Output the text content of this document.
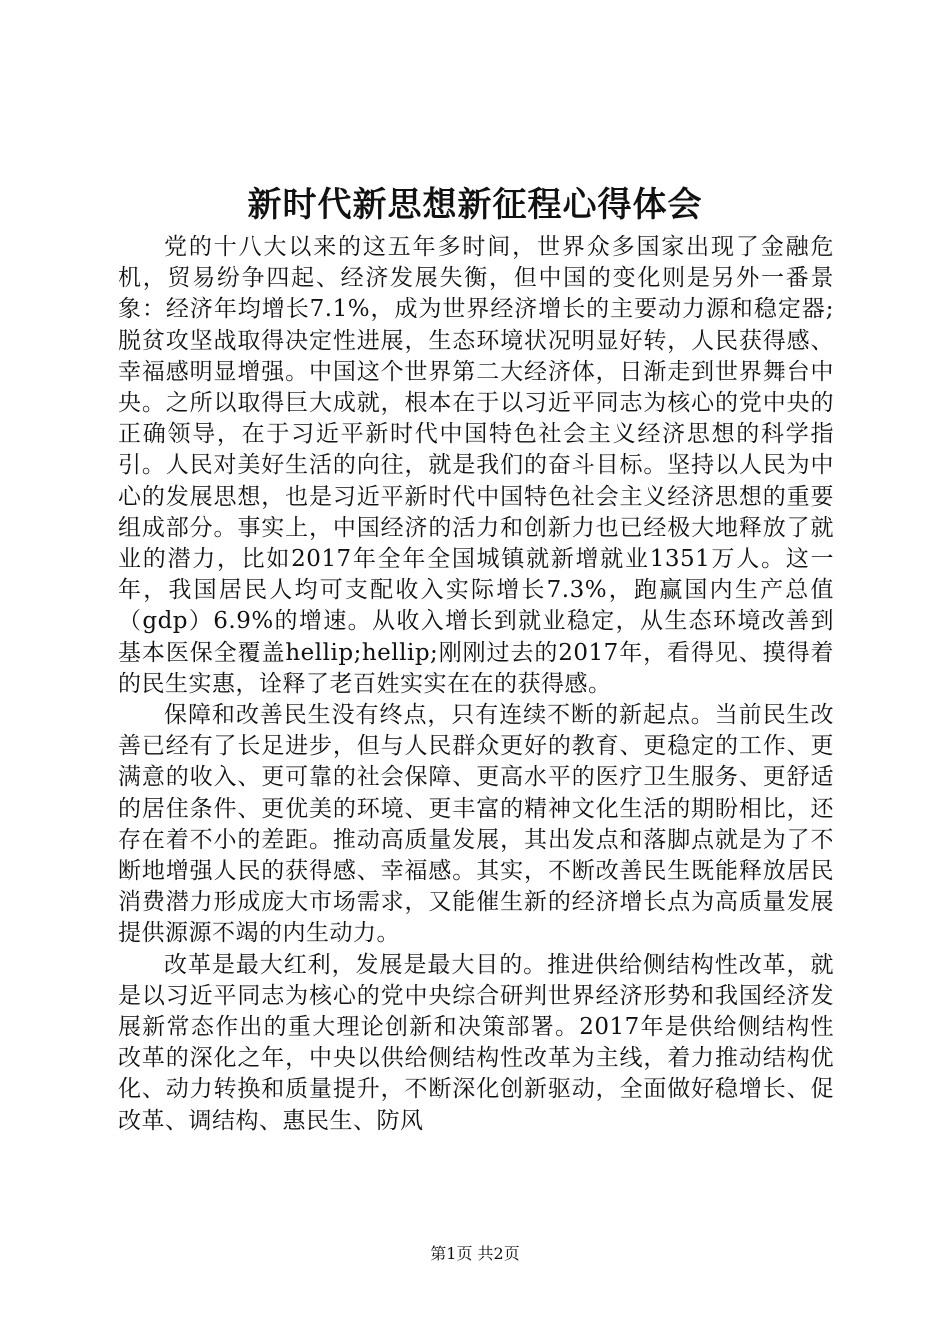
新时代新思想新征程心得体会

党的十八大以来的这五年多时间，世界众多国家出现了金融危机，贸易纷争四起、经济发展失衡，但中国的变化则是另外一番景象：经济年均增长7.1%，成为世界经济增长的主要动力源和稳定器;脱贫攻坚战取得决定性进展，生态环境状况明显好转，人民获得感、幸福感明显增强。中国这个世界第二大经济体，日渐走到世界舞台中央。之所以取得巨大成就，根本在于以习近平同志为核心的党中央的正确领导，在于习近平新时代中国特色社会主义经济思想的科学指引。人民对美好生活的向往，就是我们的奋斗目标。坚持以人民为中心的发展思想，也是习近平新时代中国特色社会主义经济思想的重要组成部分。事实上，中国经济的活力和创新力也已经极大地释放了就业的潜力，比如2017年全年全国城镇就新增就业1351万人。这一年，我国居民人均可支配收入实际增长7.3%，跑赢国内生产总值（gdp）6.9%的增速。从收入增长到就业稳定，从生态环境改善到基本医保全覆盖hellip;hellip;刚刚过去的2017年，看得见、摸得着的民生实惠，诠释了老百姓实实在在的获得感。

保障和改善民生没有终点，只有连续不断的新起点。当前民生改善已经有了长足进步，但与人民群众更好的教育、更稳定的工作、更满意的收入、更可靠的社会保障、更高水平的医疗卫生服务、更舒适的居住条件、更优美的环境、更丰富的精神文化生活的期盼相比，还存在着不小的差距。推动高质量发展，其出发点和落脚点就是为了不断地增强人民的获得感、幸福感。其实，不断改善民生既能释放居民消费潜力形成庞大市场需求，又能催生新的经济增长点为高质量发展提供源源不竭的内生动力。

改革是最大红利，发展是最大目的。推进供给侧结构性改革，就是以习近平同志为核心的党中央综合研判世界经济形势和我国经济发展新常态作出的重大理论创新和决策部署。2017年是供给侧结构性改革的深化之年，中央以供给侧结构性改革为主线，着力推动结构优化、动力转换和质量提升，不断深化创新驱动，全面做好稳增长、促改革、调结构、惠民生、防风

第1页 共2页
